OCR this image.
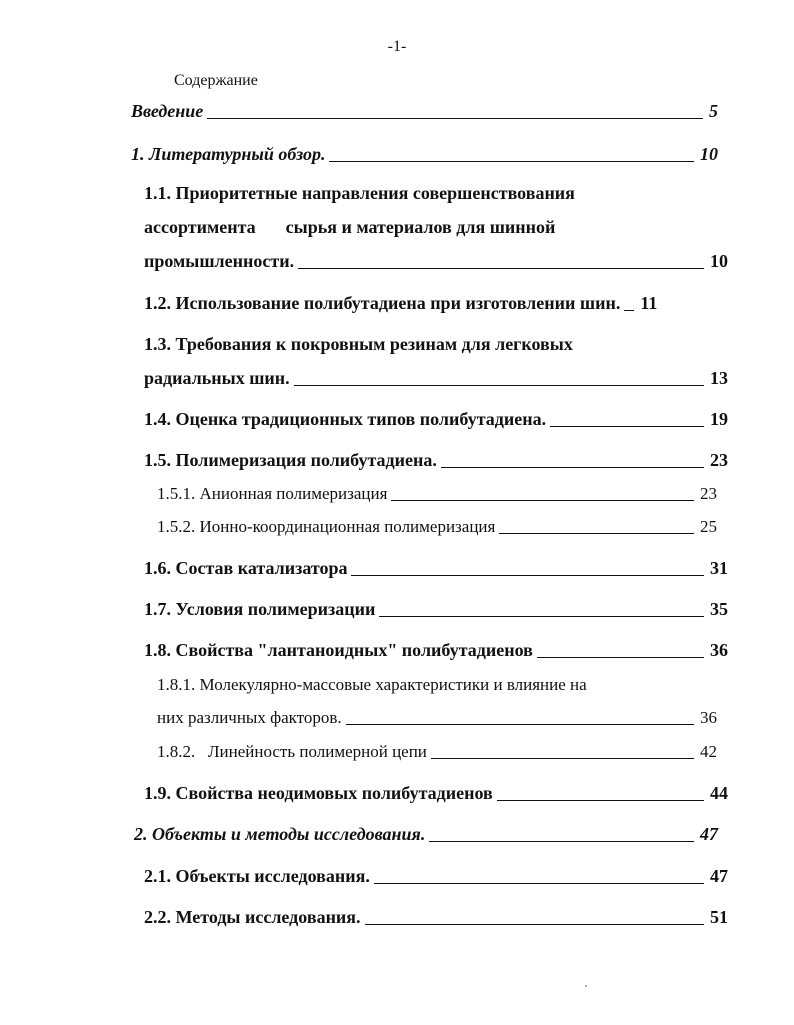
-1-
Содержание
Введение	5
1. Литературный обзор.	10
1.1. Приоритетные направления совершенствования
ассортимента сырья и материалов для шинной
промышленности.	10
1.2. Использование полибутадиена при изготовлении шин. 11
1.3. Требования к покровным резинам для легковых
радиальных шин.	13
1.4. Оценка традиционных типов полибутадиена.	19
1.5. Полимеризация полибутадиена.	23
1.5.1. Анионная полимеризация	23
1.5.2. Ионно-координационная полимеризация	25
1.6. Состав катализатора	31
1.7. Условия полимеризации	35
1.8. Свойства "лантаноидных" полибутадиенов	36
1.8.1. Молекулярно-массовые характеристики и влияние на
них различных факторов.	36
1.8.2.   Линейность полимерной цепи	42
1.9. Свойства неодимовых полибутадиенов	44
2. Объекты и методы исследования.	47
2.1. Объекты исследования.	47
2.2. Методы исследования.	51
